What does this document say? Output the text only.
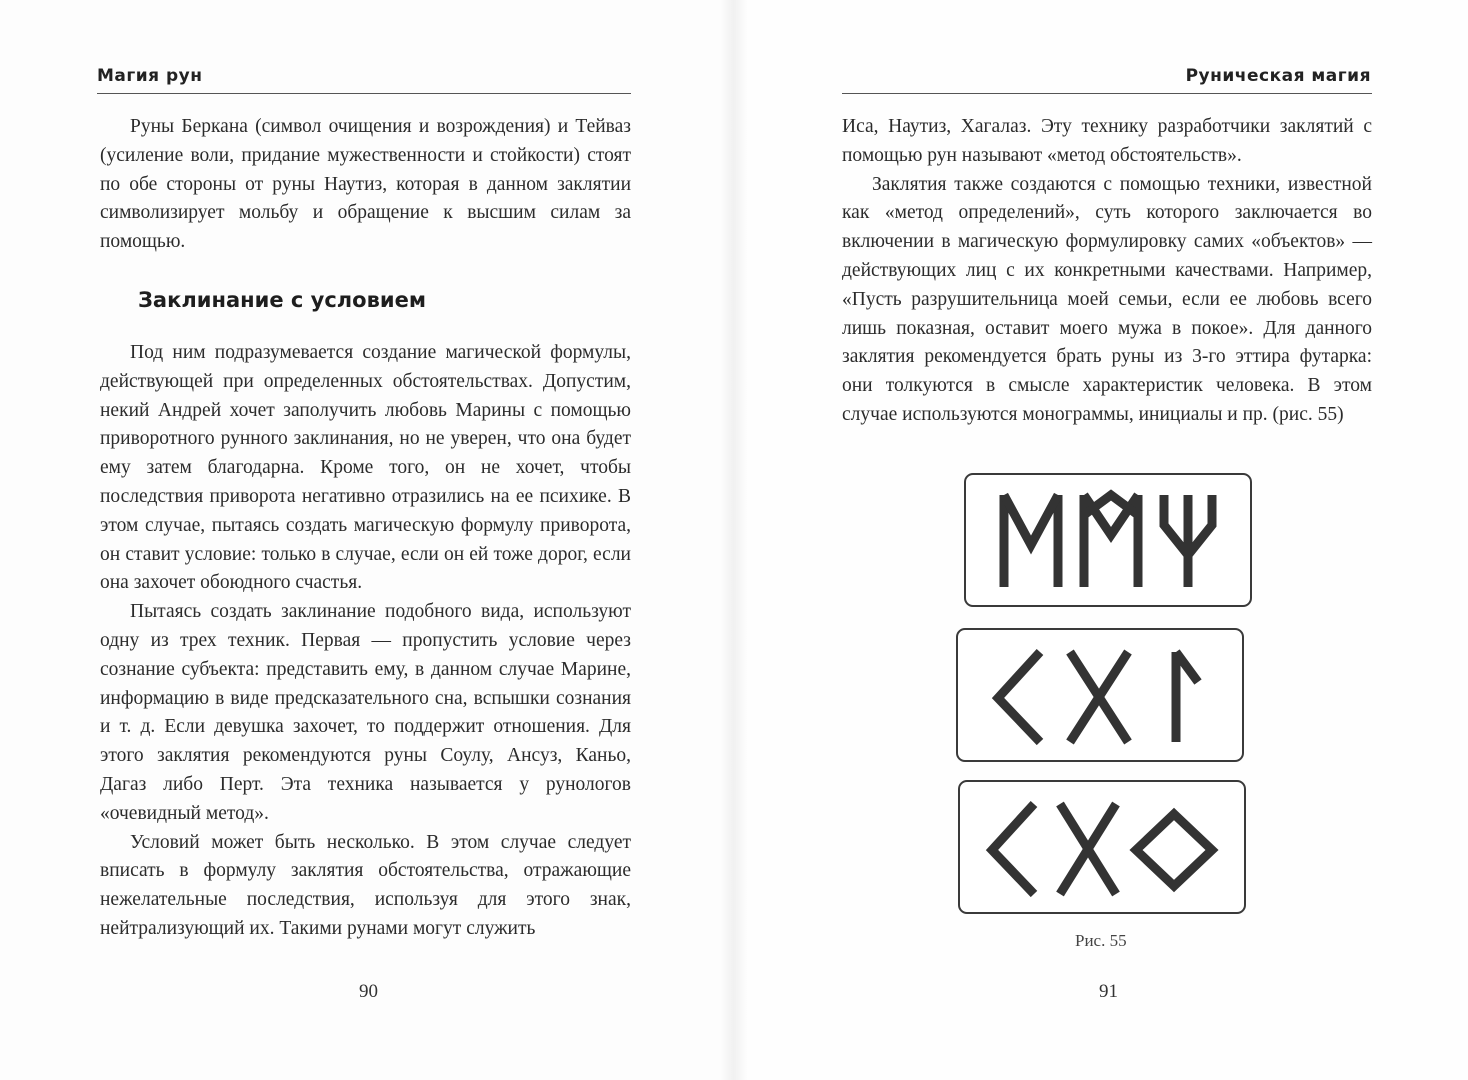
Магия рун

Руны Беркана (символ очищения и возрождения) и Тейваз (усиление воли, придание мужественности и стойкости) стоят по обе стороны от руны Наутиз, которая в данном заклятии символизирует мольбу и обращение к высшим силам за помощью.

Заклинание с условием

Под ним подразумевается создание магической формулы, действующей при определенных обстоятельствах. Допустим, некий Андрей хочет заполучить любовь Марины с помощью приворотного рунного заклинания, но не уверен, что она будет ему затем благодарна. Кроме того, он не хочет, чтобы последствия приворота негативно отразились на ее психике. В этом случае, пытаясь создать магическую формулу приворота, он ставит условие: только в случае, если он ей тоже дорог, если она захочет обоюдного счастья.

Пытаясь создать заклинание подобного вида, используют одну из трех техник. Первая — пропустить условие через сознание субъекта: представить ему, в данном случае Марине, информацию в виде предсказательного сна, вспышки сознания и т. д. Если девушка захочет, то поддержит отношения. Для этого заклятия рекомендуются руны Соулу, Ансуз, Каньо, Дагаз либо Перт. Эта техника называется у рунологов «очевидный метод».

Условий может быть несколько. В этом случае следует вписать в формулу заклятия обстоятельства, отражающие нежелательные последствия, используя для этого знак, нейтрализующий их. Такими рунами могут служить

90
Руническая магия

Иса, Наутиз, Хагалаз. Эту технику разработчики заклятий с помощью рун называют «метод обстоятельств».

Заклятия также создаются с помощью техники, известной как «метод определений», суть которого заключается во включении в магическую формулировку самих «объектов» — действующих лиц с их конкретными качествами. Например, «Пусть разрушительница моей семьи, если ее любовь всего лишь показная, оставит моего мужа в покое». Для данного заклятия рекомендуется брать руны из 3-го эттира футарка: они толкуются в смысле характеристик человека. В этом случае используются монограммы, инициалы и пр. (рис. 55)

Рис. 55
91
